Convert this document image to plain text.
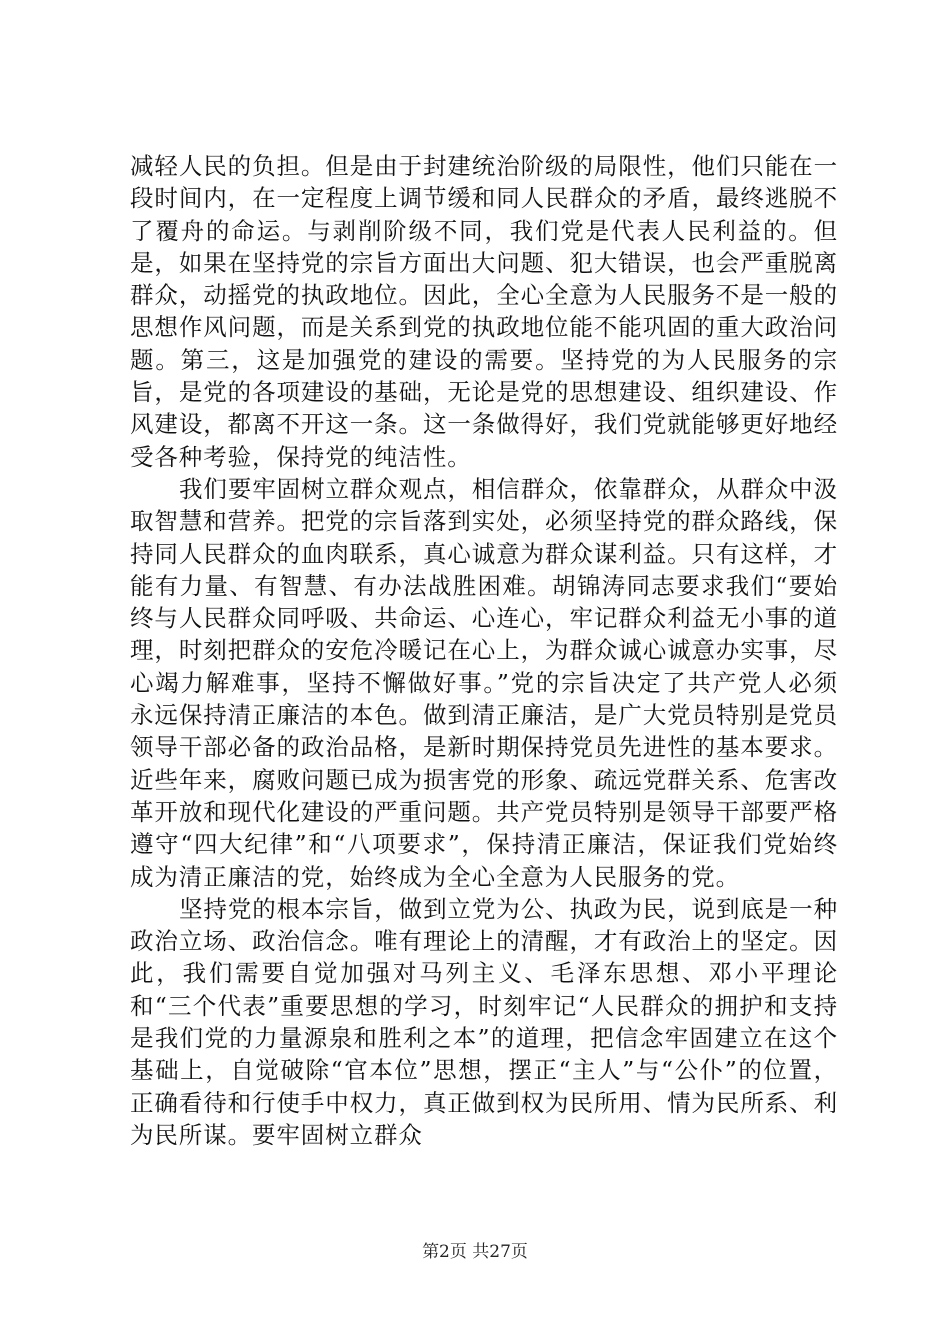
减轻人民的负担。但是由于封建统治阶级的局限性，他们只能在一段时间内，在一定程度上调节缓和同人民群众的矛盾，最终逃脱不了覆舟的命运。与剥削阶级不同，我们党是代表人民利益的。但是，如果在坚持党的宗旨方面出大问题、犯大错误，也会严重脱离群众，动摇党的执政地位。因此，全心全意为人民服务不是一般的思想作风问题，而是关系到党的执政地位能不能巩固的重大政治问题。第三，这是加强党的建设的需要。坚持党的为人民服务的宗旨，是党的各项建设的基础，无论是党的思想建设、组织建设、作风建设，都离不开这一条。这一条做得好，我们党就能够更好地经受各种考验，保持党的纯洁性。

我们要牢固树立群众观点，相信群众，依靠群众，从群众中汲取智慧和营养。把党的宗旨落到实处，必须坚持党的群众路线，保持同人民群众的血肉联系，真心诚意为群众谋利益。只有这样，才能有力量、有智慧、有办法战胜困难。胡锦涛同志要求我们“要始终与人民群众同呼吸、共命运、心连心，牢记群众利益无小事的道理，时刻把群众的安危冷暖记在心上，为群众诚心诚意办实事，尽心竭力解难事，坚持不懈做好事。”党的宗旨决定了共产党人必须永远保持清正廉洁的本色。做到清正廉洁，是广大党员特别是党员领导干部必备的政治品格，是新时期保持党员先进性的基本要求。近些年来，腐败问题已成为损害党的形象、疏远党群关系、危害改革开放和现代化建设的严重问题。共产党员特别是领导干部要严格遵守“四大纪律”和“八项要求”，保持清正廉洁，保证我们党始终成为清正廉洁的党，始终成为全心全意为人民服务的党。

坚持党的根本宗旨，做到立党为公、执政为民，说到底是一种政治立场、政治信念。唯有理论上的清醒，才有政治上的坚定。因此，我们需要自觉加强对马列主义、毛泽东思想、邓小平理论和“三个代表”重要思想的学习，时刻牢记“人民群众的拥护和支持是我们党的力量源泉和胜利之本”的道理，把信念牢固建立在这个基础上，自觉破除“官本位”思想，摆正“主人”与“公仆”的位置，正确看待和行使手中权力，真正做到权为民所用、情为民所系、利为民所谋。要牢固树立群众

第2页 共27页
